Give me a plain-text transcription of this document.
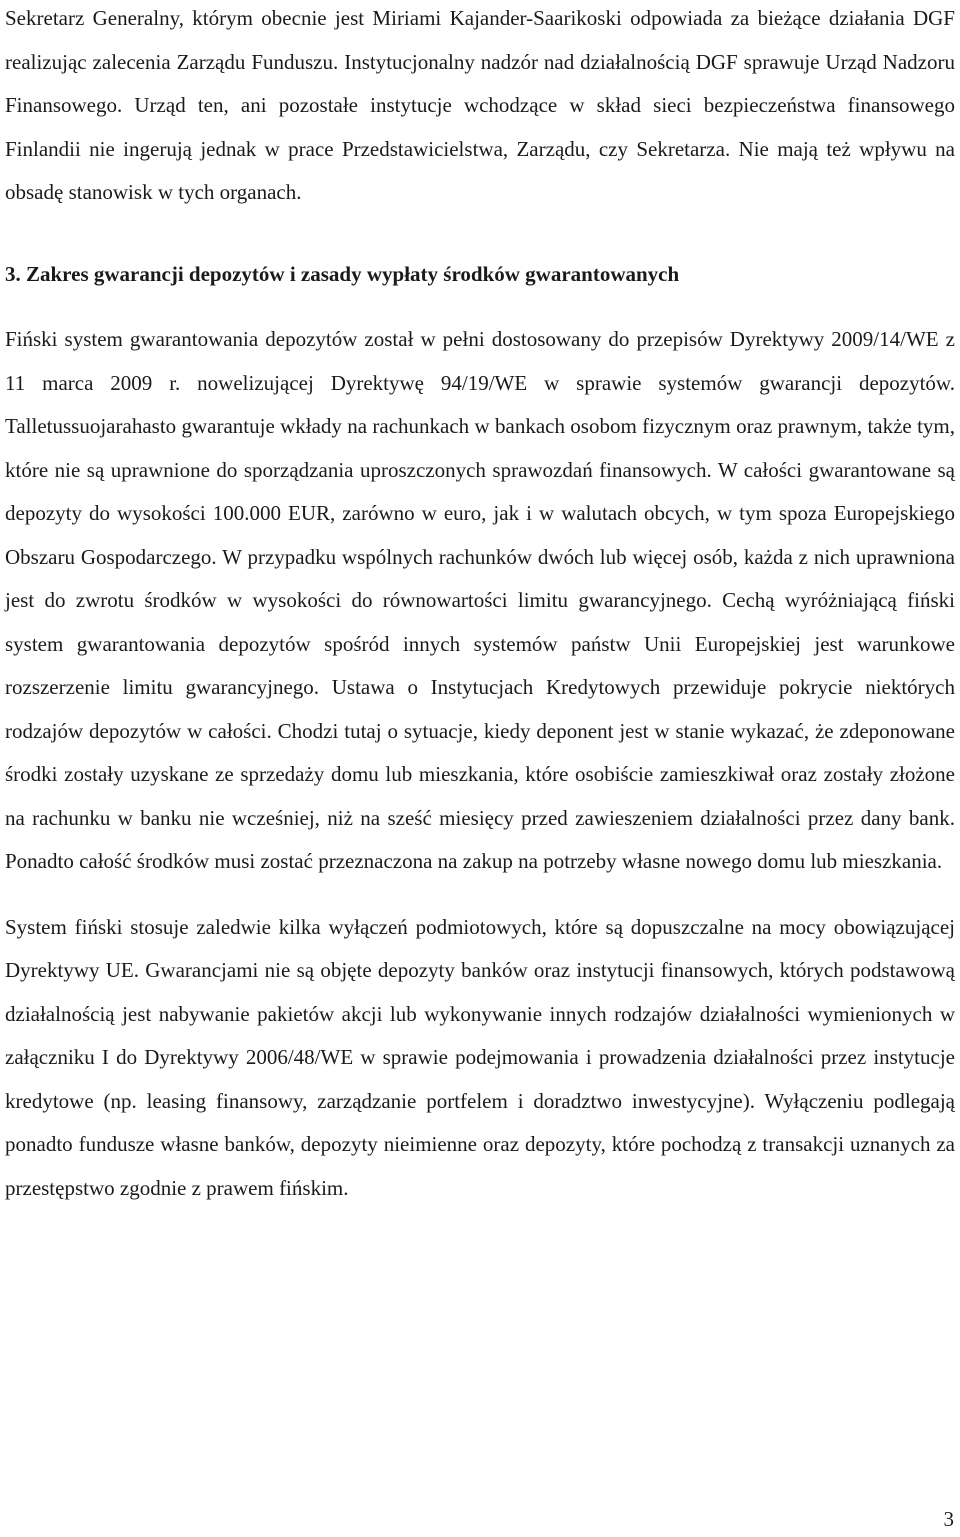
Sekretarz Generalny, którym obecnie jest Miriami Kajander-Saarikoski odpowiada za bieżące działania DGF realizując zalecenia Zarządu Funduszu. Instytucjonalny nadzór nad działalnością DGF sprawuje Urząd Nadzoru Finansowego. Urząd ten, ani pozostałe instytucje wchodzące w skład sieci bezpieczeństwa finansowego Finlandii nie ingerują jednak w prace Przedstawicielstwa, Zarządu, czy Sekretarza. Nie mają też wpływu na obsadę stanowisk w tych organach.

3. Zakres gwarancji depozytów i zasady wypłaty środków gwarantowanych

Fiński system gwarantowania depozytów został w pełni dostosowany do przepisów Dyrektywy 2009/14/WE z 11 marca 2009 r. nowelizującej Dyrektywę 94/19/WE w sprawie systemów gwarancji depozytów. Talletussuojarahasto gwarantuje wkłady na rachunkach w bankach osobom fizycznym oraz prawnym, także tym, które nie są uprawnione do sporządzania uproszczonych sprawozdań finansowych. W całości gwarantowane są depozyty do wysokości 100.000 EUR, zarówno w euro, jak i w walutach obcych, w tym spoza Europejskiego Obszaru Gospodarczego. W przypadku wspólnych rachunków dwóch lub więcej osób, każda z nich uprawniona jest do zwrotu środków w wysokości do równowartości limitu gwarancyjnego. Cechą wyróżniającą fiński system gwarantowania depozytów spośród innych systemów państw Unii Europejskiej jest warunkowe rozszerzenie limitu gwarancyjnego. Ustawa o Instytucjach Kredytowych przewiduje pokrycie niektórych rodzajów depozytów w całości. Chodzi tutaj o sytuacje, kiedy deponent jest w stanie wykazać, że zdeponowane środki zostały uzyskane ze sprzedaży domu lub mieszkania, które osobiście zamieszkiwał oraz zostały złożone na rachunku w banku nie wcześniej, niż na sześć miesięcy przed zawieszeniem działalności przez dany bank. Ponadto całość środków musi zostać przeznaczona na zakup na potrzeby własne nowego domu lub mieszkania.

System fiński stosuje zaledwie kilka wyłączeń podmiotowych, które są dopuszczalne na mocy obowiązującej Dyrektywy UE. Gwarancjami nie są objęte depozyty banków oraz instytucji finansowych, których podstawową działalnością jest nabywanie pakietów akcji lub wykonywanie innych rodzajów działalności wymienionych w załączniku I do Dyrektywy 2006/48/WE w sprawie podejmowania i prowadzenia działalności przez instytucje kredytowe (np. leasing finansowy, zarządzanie portfelem i doradztwo inwestycyjne). Wyłączeniu podlegają ponadto fundusze własne banków, depozyty nieimienne oraz depozyty, które pochodzą z transakcji uznanych za przestępstwo zgodnie z prawem fińskim.

3
